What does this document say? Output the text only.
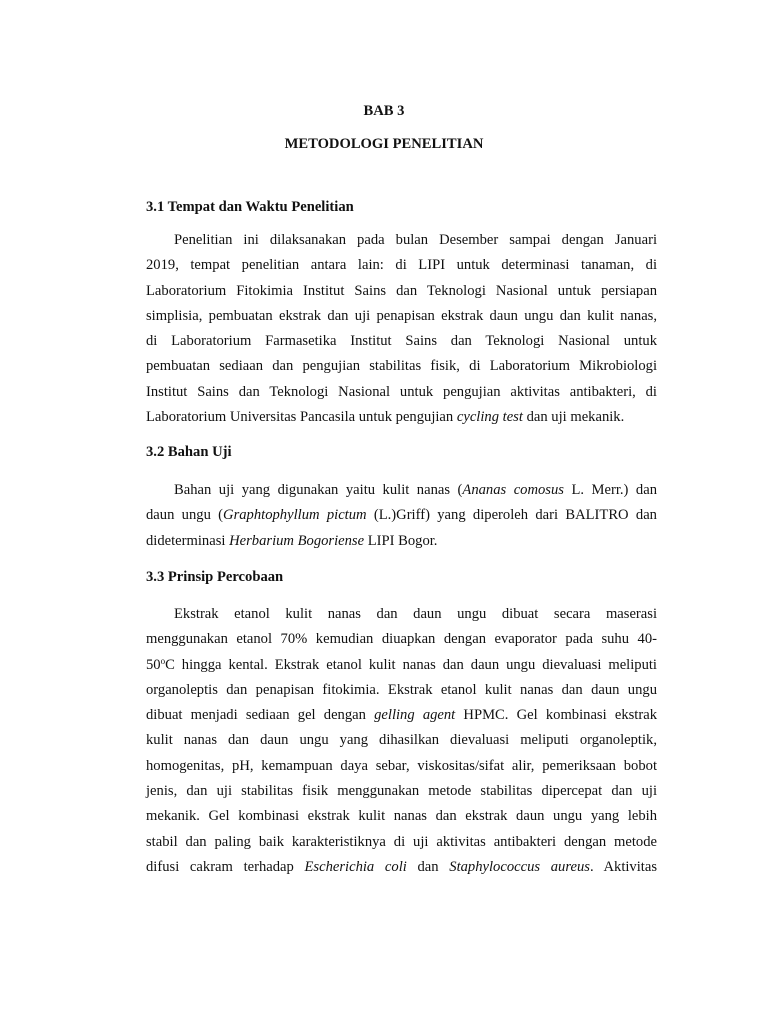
BAB 3

METODOLOGI PENELITIAN

3.1 Tempat dan Waktu Penelitian

Penelitian ini dilaksanakan pada bulan Desember sampai dengan Januari
2019, tempat penelitian antara lain: di LIPI untuk determinasi tanaman, di
Laboratorium Fitokimia Institut Sains dan Teknologi Nasional untuk persiapan
simplisia, pembuatan ekstrak dan uji penapisan ekstrak daun ungu dan kulit nanas,
di Laboratorium Farmasetika Institut Sains dan Teknologi Nasional untuk
pembuatan sediaan dan pengujian stabilitas fisik, di Laboratorium Mikrobiologi
Institut Sains dan Teknologi Nasional untuk pengujian aktivitas antibakteri, di
Laboratorium Universitas Pancasila untuk pengujian cycling test dan uji mekanik.

3.2 Bahan Uji

Bahan uji yang digunakan yaitu kulit nanas (Ananas comosus L. Merr.) dan
daun ungu (Graphtophyllum pictum (L.)Griff) yang diperoleh dari BALITRO dan
dideterminasi Herbarium Bogoriense LIPI Bogor.

3.3 Prinsip Percobaan

Ekstrak etanol kulit nanas dan daun ungu dibuat secara maserasi
menggunakan etanol 70% kemudian diuapkan dengan evaporator pada suhu 40-
50$^o$C hingga kental. Ekstrak etanol kulit nanas dan daun ungu dievaluasi meliputi
organoleptis dan penapisan fitokimia. Ekstrak etanol kulit nanas dan daun ungu
dibuat menjadi sediaan gel dengan gelling agent HPMC. Gel kombinasi ekstrak
kulit nanas dan daun ungu yang dihasilkan dievaluasi meliputi organoleptik,
homogenitas, pH, kemampuan daya sebar, viskositas/sifat alir, pemeriksaan bobot
jenis, dan uji stabilitas fisik menggunakan metode stabilitas dipercepat dan uji
mekanik. Gel kombinasi ekstrak kulit nanas dan ekstrak daun ungu yang lebih
stabil dan paling baik karakteristiknya di uji aktivitas antibakteri dengan metode
difusi cakram terhadap Escherichia coli dan Staphylococcus aureus. Aktivitas
